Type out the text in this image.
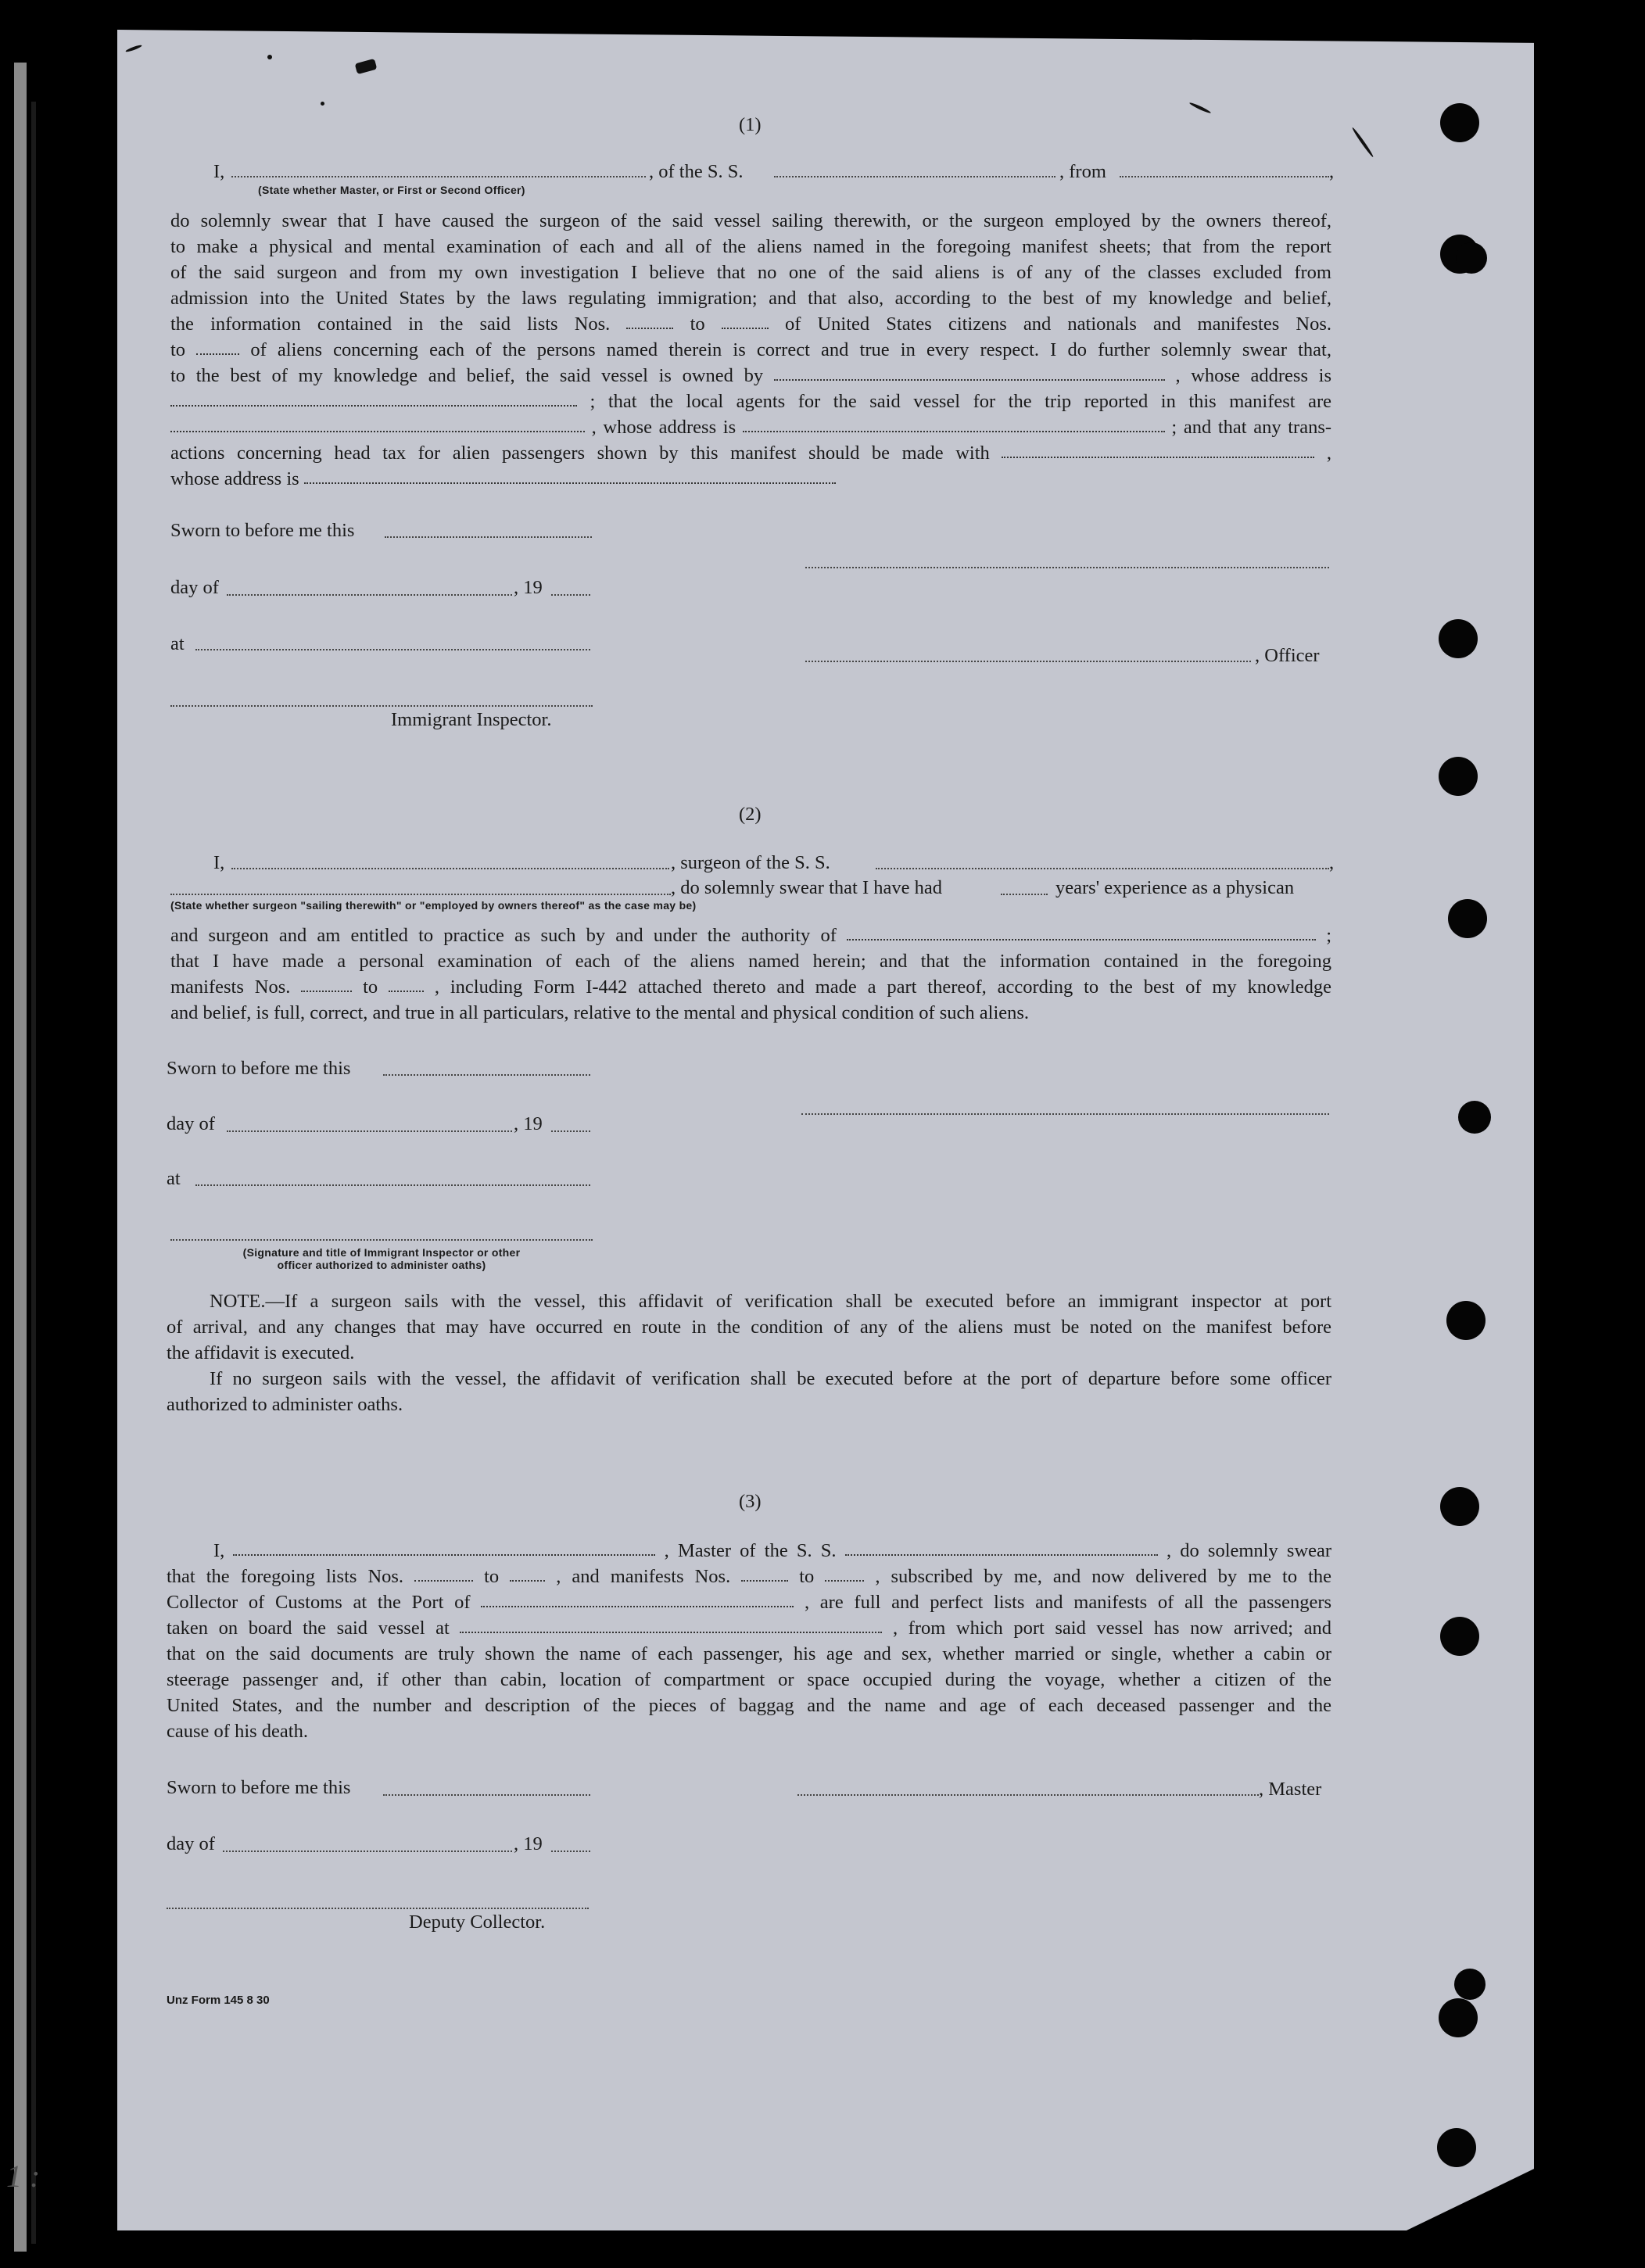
1 :
(1)
I,	, of the S. S.	, from	,
(State whether Master, or First or Second Officer)
do solemnly swear that I have caused the surgeon of the said vessel sailing therewith, or the surgeon employed by the owners thereof,
to make a physical and mental examination of each and all of the aliens named in the foregoing manifest sheets; that from the report
of the said surgeon and from my own investigation I believe that no one of the said aliens is of any of the classes excluded from
admission into the United States by the laws regulating immigration; and that also, according to the best of my knowledge and belief,
the information contained in the said lists Nos.	to	of United States citizens and nationals and manifestes Nos.
to	of aliens concerning each of the persons named therein is correct and true in every respect. I do further solemnly swear that,
to the best of my knowledge and belief, the said vessel is owned by	, whose address is
; that the local agents for the said vessel for the trip reported in this manifest are
, whose address is	; and that any trans-
actions concerning head tax for alien passengers shown by this manifest should be made with	,
whose address is
Sworn to before me this
day of	, 19
at
, Officer
Immigrant Inspector.
(2)
I,	, surgeon of the S. S.	,
, do solemnly swear that I have had	years' experience as a physican
(State whether surgeon "sailing therewith" or "employed by owners thereof" as the case may be)
and surgeon and am entitled to practice as such by and under the authority of	;
that I have made a personal examination of each of the aliens named herein; and that the information contained in the foregoing
manifests Nos.	to	, including Form I-442 attached thereto and made a part thereof, according to the best of my knowledge
and belief, is full, correct, and true in all particulars, relative to the mental and physical condition of such aliens.
Sworn to before me this
day of	, 19
at
(Signature and title of Immigrant Inspector or other
officer authorized to administer oaths)
NOTE.—If a surgeon sails with the vessel, this affidavit of verification shall be executed before an immigrant inspector at port
of arrival, and any changes that may have occurred en route in the condition of any of the aliens must be noted on the manifest before
the affidavit is executed.
If no surgeon sails with the vessel, the affidavit of verification shall be executed before at the port of departure before some officer
authorized to administer oaths.
(3)
I,	, Master of the S. S.	, do solemnly swear
that the foregoing lists Nos.	to	, and manifests Nos.	to	, subscribed by me, and now delivered by me to the
Collector of Customs at the Port of	, are full and perfect lists and manifests of all the passengers
taken on board the said vessel at	, from which port said vessel has now arrived; and
that on the said documents are truly shown the name of each passenger, his age and sex, whether married or single, whether a cabin or
steerage passenger and, if other than cabin, location of compartment or space occupied during the voyage, whether a citizen of the
United States, and the number and description of the pieces of baggag and the name and age of each deceased passenger and the
cause of his death.
Sworn to before me this	, Master
day of	, 19
Deputy Collector.
Unz Form 145 8 30
